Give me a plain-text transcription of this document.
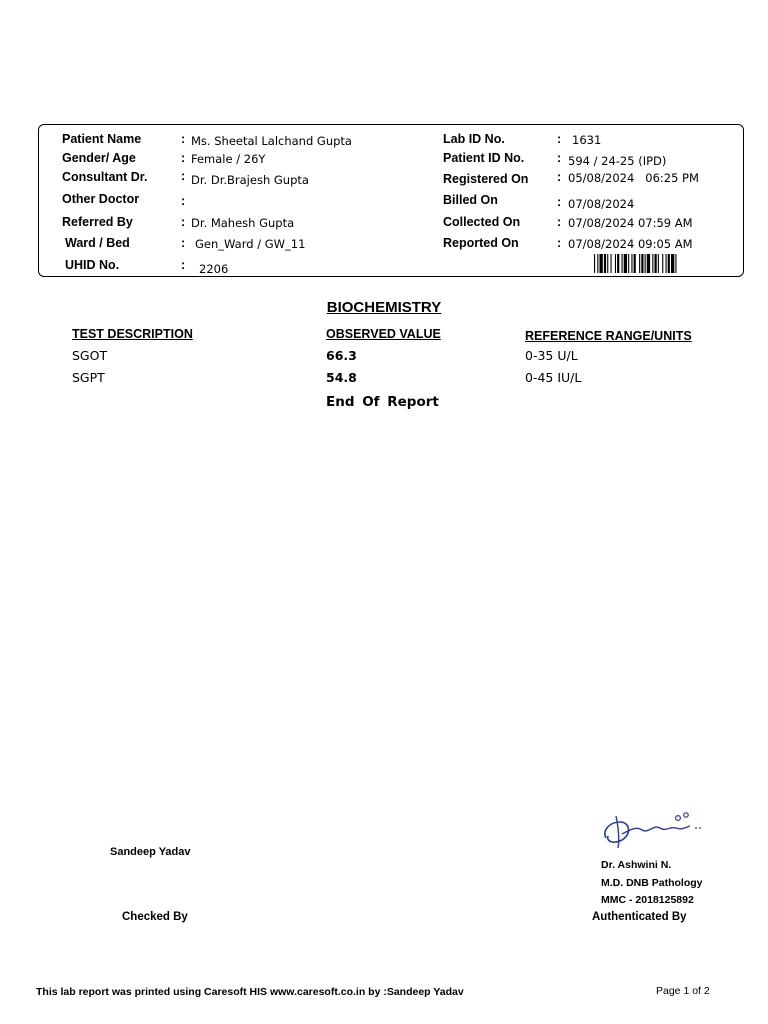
Patient Name	: Ms. Sheetal Lalchand Gupta
Gender/ Age	: Female / 26Y
Consultant Dr.	: Dr. Dr.Brajesh Gupta
Other Doctor	:
Referred By	: Dr. Mahesh Gupta
Ward / Bed	: Gen_Ward / GW_11
UHID No.	: 2206
Lab ID No.	: 1631
Patient ID No.	: 594 / 24-25 (IPD)
Registered On : 05/08/2024   06:25 PM
Billed On	: 07/08/2024
Collected On	: 07/08/2024 07:59 AM
Reported On	: 07/08/2024 09:05 AM
BIOCHEMISTRY
TEST DESCRIPTION	OBSERVED VALUE	REFERENCE RANGE/UNITS
SGOT	66.3	0-35 U/L
SGPT	54.8	0-45 IU/L
End Of Report
Sandeep Yadav
Checked By
Dr. Ashwini N.
M.D. DNB Pathology
MMC - 2018125892
Authenticated By
This lab report was printed using Caresoft HIS www.caresoft.co.in by :Sandeep Yadav	Page 1 of 2
